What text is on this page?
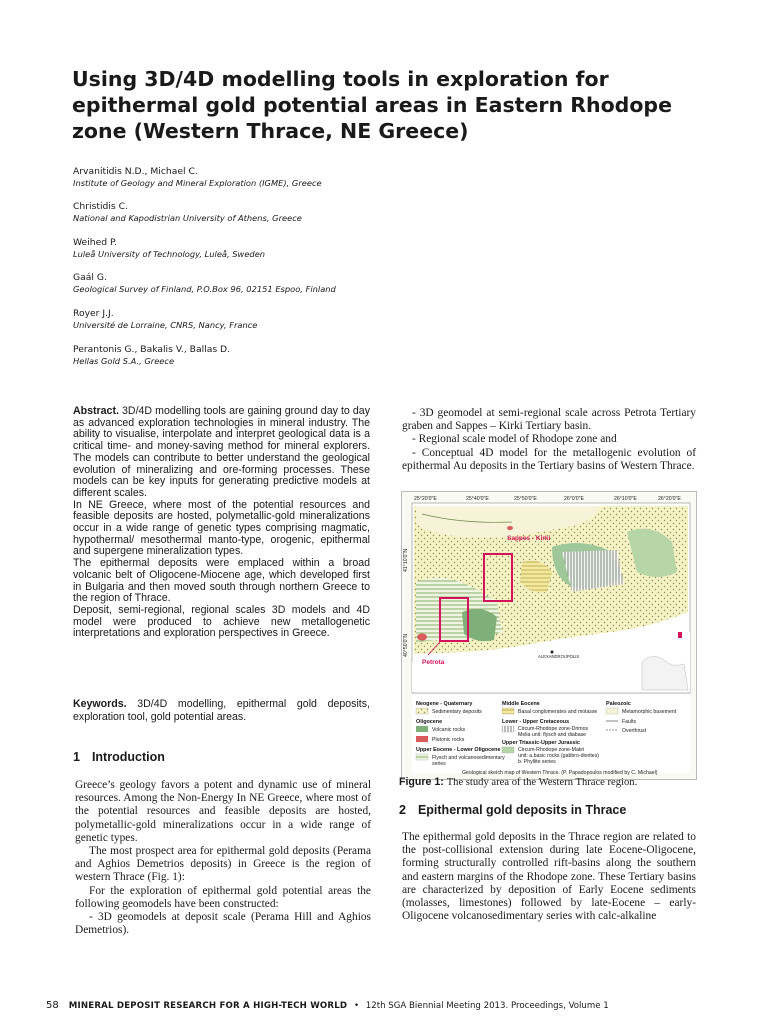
Using 3D/4D modelling tools in exploration for epithermal gold potential areas in Eastern Rhodope zone (Western Thrace, NE Greece)
Arvanitidis N.D., Michael C.
Institute of Geology and Mineral Exploration (IGME), Greece
Christidis C.
National and Kapodistrian University of Athens, Greece
Weihed P.
Luleå University of Technology, Luleå, Sweden
Gaál G.
Geological Survey of Finland, P.O.Box 96, 02151 Espoo, Finland
Royer J.J.
Université de Lorraine, CNRS, Nancy, France
Perantonis G., Bakalis V., Ballas D.
Hellas Gold S.A., Greece

Abstract. 3D/4D modelling tools are gaining ground day to day as advanced exploration technologies in mineral industry. The ability to visualise, interpolate and interpret geological data is a critical time- and money-saving method for mineral explorers. The models can contribute to better understand the geological evolution of mineralizing and ore-forming processes. These models can be key inputs for generating predictive models at different scales.

In NE Greece, where most of the potential resources and feasible deposits are hosted, polymetallic-gold mineralizations occur in a wide range of genetic types comprising magmatic, hypothermal/ mesothermal manto-type, orogenic, epithermal and supergene mineralization types.

The epithermal deposits were emplaced within a broad volcanic belt of Oligocene-Miocene age, which developed first in Bulgaria and then moved south through northern Greece to the region of Thrace.

Deposit, semi-regional, regional scales 3D models and 4D model were produced to achieve new metallogenetic interpretations and exploration perspectives in Greece.

Keywords. 3D/4D modelling, epithermal gold deposits, exploration tool, gold potential areas.
1 Introduction

Greece’s geology favors a potent and dynamic use of mineral resources. Among the Non-Energy In NE Greece, where most of the potential resources and feasible deposits are hosted, polymetallic-gold mineralizations occur in a wide range of genetic types.

The most prospect area for epithermal gold deposits (Perama and Aghios Demetrios deposits) in Greece is the region of western Thrace (Fig. 1):

For the exploration of epithermal gold potential areas the following geomodels have been constructed:

- 3D geomodels at deposit scale (Perama Hill and Aghios Demetrios).

- 3D geomodel at semi-regional scale across Petrota Tertiary graben and Sappes – Kirki Tertiary basin.

- Regional scale model of Rhodope zone and

- Conceptual 4D model for the metallogenic evolution of epithermal Au deposits in the Tertiary basins of Western Thrace.

25°20'0"E	25°40'0"E	25°50'0"E	26°0'0"E	26°10'0"E	26°20'0"E
41°10'0"N
40°50'0"N
Sappes - Kirki
Petrota
ALEXANDROUPOLIS
Neogene - Quaternary
Sedimentary deposits
Oligocene
Volcanic rocks
Plutonic rocks
Upper Eocene - Lower Oligocene
Flysch and volcanosedimentary
series
Middle Eocene
Basal conglomerates and molasse
Lower - Upper Cretaceous
Circum-Rhodope zone-Drimos
Melia unit: flysch and diabase
Upper Triassic-Upper Jurassic
Circum-Rhodope zone-Makri
unit: a.basic rocks (gabbro-diorites)
b. Phyllite series
Paleozoic
Metamorphic basement
Faults
Overthrust
Geological sketch map of Western Thrace. (P. Papadopoulos modified by C. Michael)
Figure 1: The study area of the Western Thrace region.
2 Epithermal gold deposits in Thrace
The epithermal gold deposits in the Thrace region are related to the post-collisional extension during late Eocene-Oligocene, forming structurally controlled rift-basins along the southern and eastern margins of the Rhodope zone. These Tertiary basins are characterized by deposition of Early Eocene sediments (molasses, limestones) followed by late-Eocene – early-Oligocene volcanosedimentary series with calc-alkaline
58 MINERAL DEPOSIT RESEARCH FOR A HIGH-TECH WORLD • 12th SGA Biennial Meeting 2013. Proceedings, Volume 1
